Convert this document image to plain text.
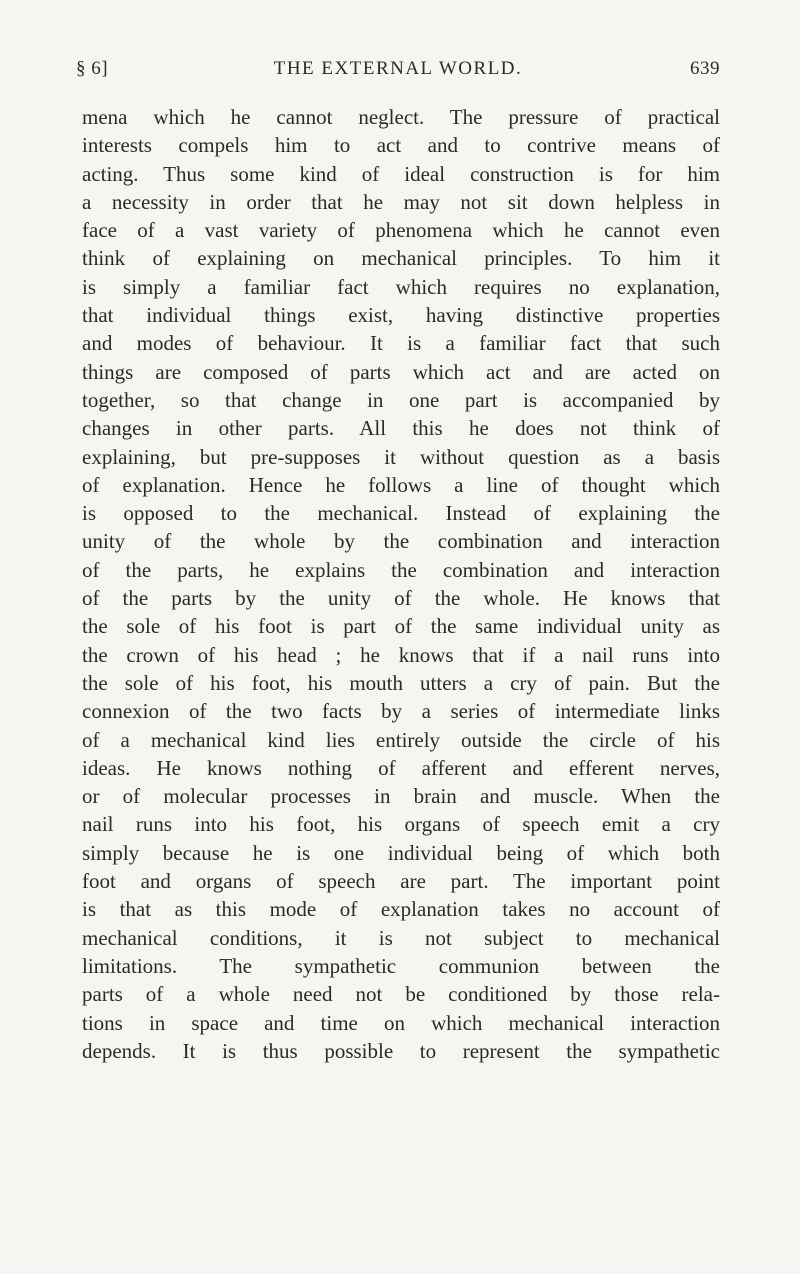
§ 6]	THE EXTERNAL WORLD.	639
mena which he cannot neglect. The pressure of practical
interests compels him to act and to contrive means of
acting. Thus some kind of ideal construction is for him
a necessity in order that he may not sit down helpless in
face of a vast variety of phenomena which he cannot even
think of explaining on mechanical principles. To him it
is simply a familiar fact which requires no explanation,
that individual things exist, having distinctive properties
and modes of behaviour. It is a familiar fact that such
things are composed of parts which act and are acted on
together, so that change in one part is accompanied by
changes in other parts. All this he does not think of
explaining, but pre-supposes it without question as a basis
of explanation. Hence he follows a line of thought which
is opposed to the mechanical. Instead of explaining the
unity of the whole by the combination and interaction
of the parts, he explains the combination and interaction
of the parts by the unity of the whole. He knows that
the sole of his foot is part of the same individual unity as
the crown of his head ; he knows that if a nail runs into
the sole of his foot, his mouth utters a cry of pain. But the
connexion of the two facts by a series of intermediate links
of a mechanical kind lies entirely outside the circle of his
ideas. He knows nothing of afferent and efferent nerves,
or of molecular processes in brain and muscle. When the
nail runs into his foot, his organs of speech emit a cry
simply because he is one individual being of which both
foot and organs of speech are part. The important point
is that as this mode of explanation takes no account of
mechanical conditions, it is not subject to mechanical
limitations. The sympathetic communion between the
parts of a whole need not be conditioned by those rela-
tions in space and time on which mechanical interaction
depends. It is thus possible to represent the sympathetic
